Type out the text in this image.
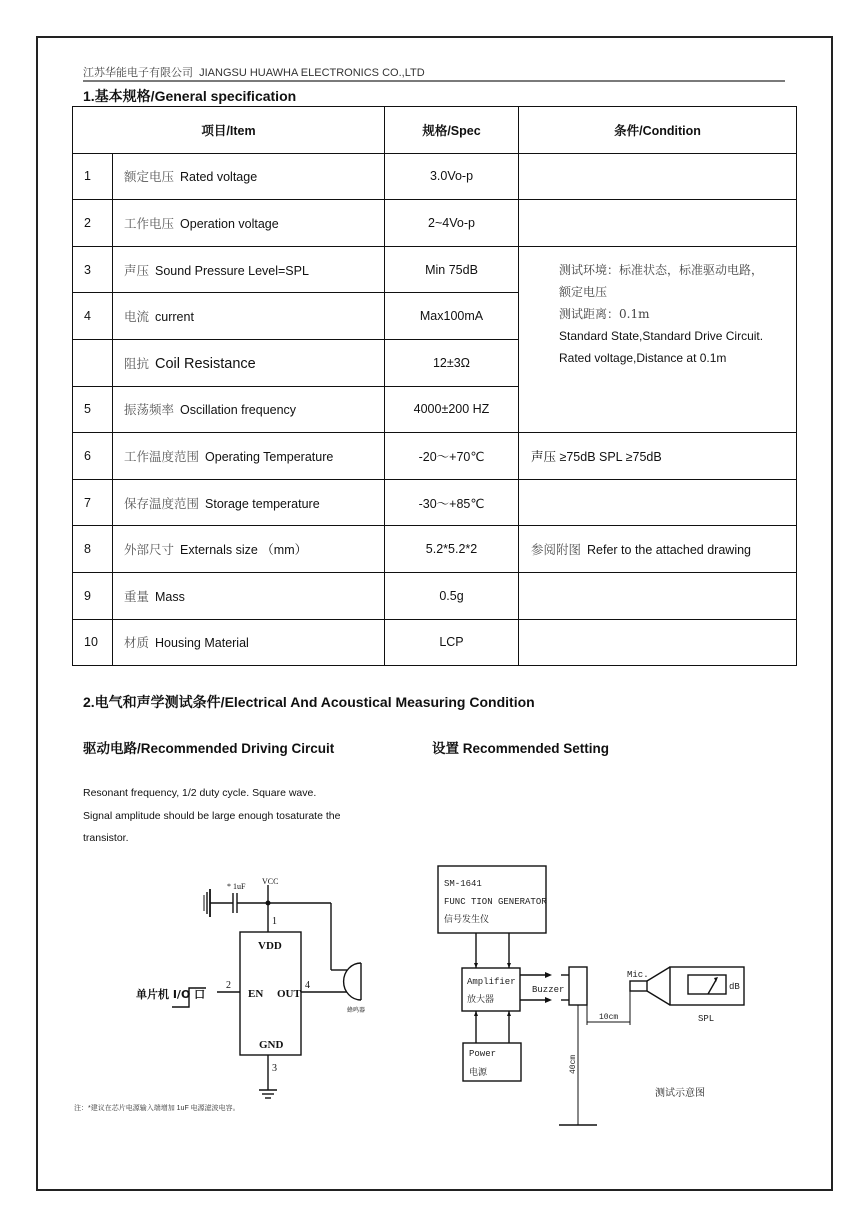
江苏华能电子有限公司 JIANGSU HUAWHA ELECTRONICS CO.,LTD
1.基本规格/General specification
项目/Item		规格/Spec	条件/Condition
1	额定电压 Rated voltage	3.0Vo-p	
2	工作电压 Operation voltage	2~4Vo-p	
3	声压 Sound Pressure Level=SPL	Min 75dB	测试环境：标准状态，标准驱动电路，
额定电压
测试距离：0.1m
Standard State,Standard Drive Circuit.
Rated voltage,Distance at 0.1m

4	电流 current	Max100mA	
	阻抗 Coil Resistance	12±3Ω	
5	振荡频率 Oscillation frequency	4000±200 HZ	
6	工作温度范围 Operating Temperature	-20～+70℃	声压 ≥75dB SPL ≥75dB
7	保存温度范围 Storage temperature	-30～+85℃	
8	外部尺寸 Externals size （mm）	5.2*5.2*2	参阅附图 Refer to the attached drawing
9	重量 Mass	0.5g	
10	材质 Housing Material	LCP	
2.电气和声学测试条件/Electrical And Acoustical Measuring Condition
驱动电路/Recommended Driving Circuit	设置 Recommended Setting
Resonant frequency, 1/2 duty cycle. Square wave.
Signal amplitude should be large enough tosaturate the
transistor.
VCC
* 1uF
1
VDD
2
EN OUT
4
GND
3
蜂鸣器
单片机 I/O 口
注：*建议在芯片电源输入端增加 1uF 电源滤波电容。
SM-1641
FUNC TION GENERATOR
信号发生仪
Amplifier
放大器
Buzzer
Power
电源
Mic.
dB
SPL
10cm
40cm
测试示意图
